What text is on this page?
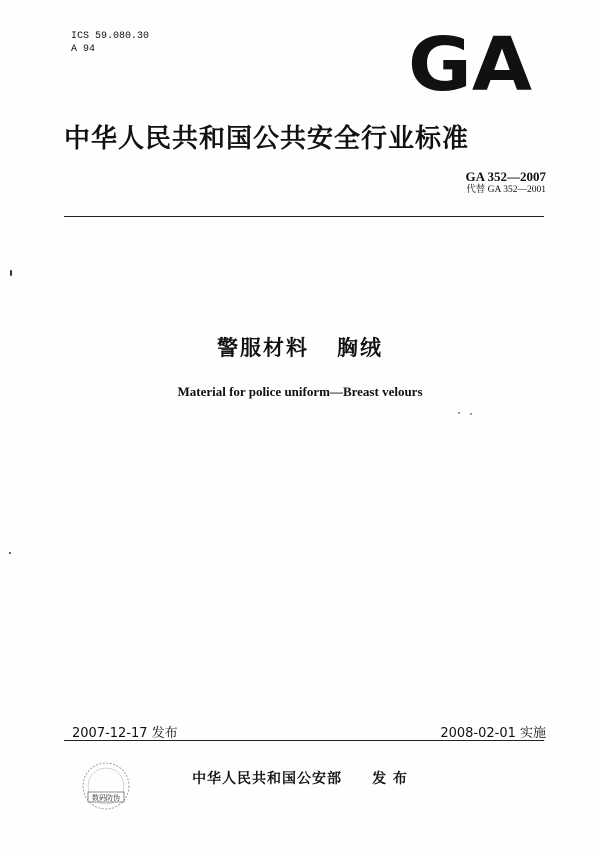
ICS 59.080.30
A 94	GA
中华人民共和国公共安全行业标准
GA 352—2007
代替 GA 352—2001
警服材料 胸绒
Material for police uniform—Breast velours
2007-12-17 发布	2008-02-01 实施
数码防伪
中华人民共和国公安部 发 布
